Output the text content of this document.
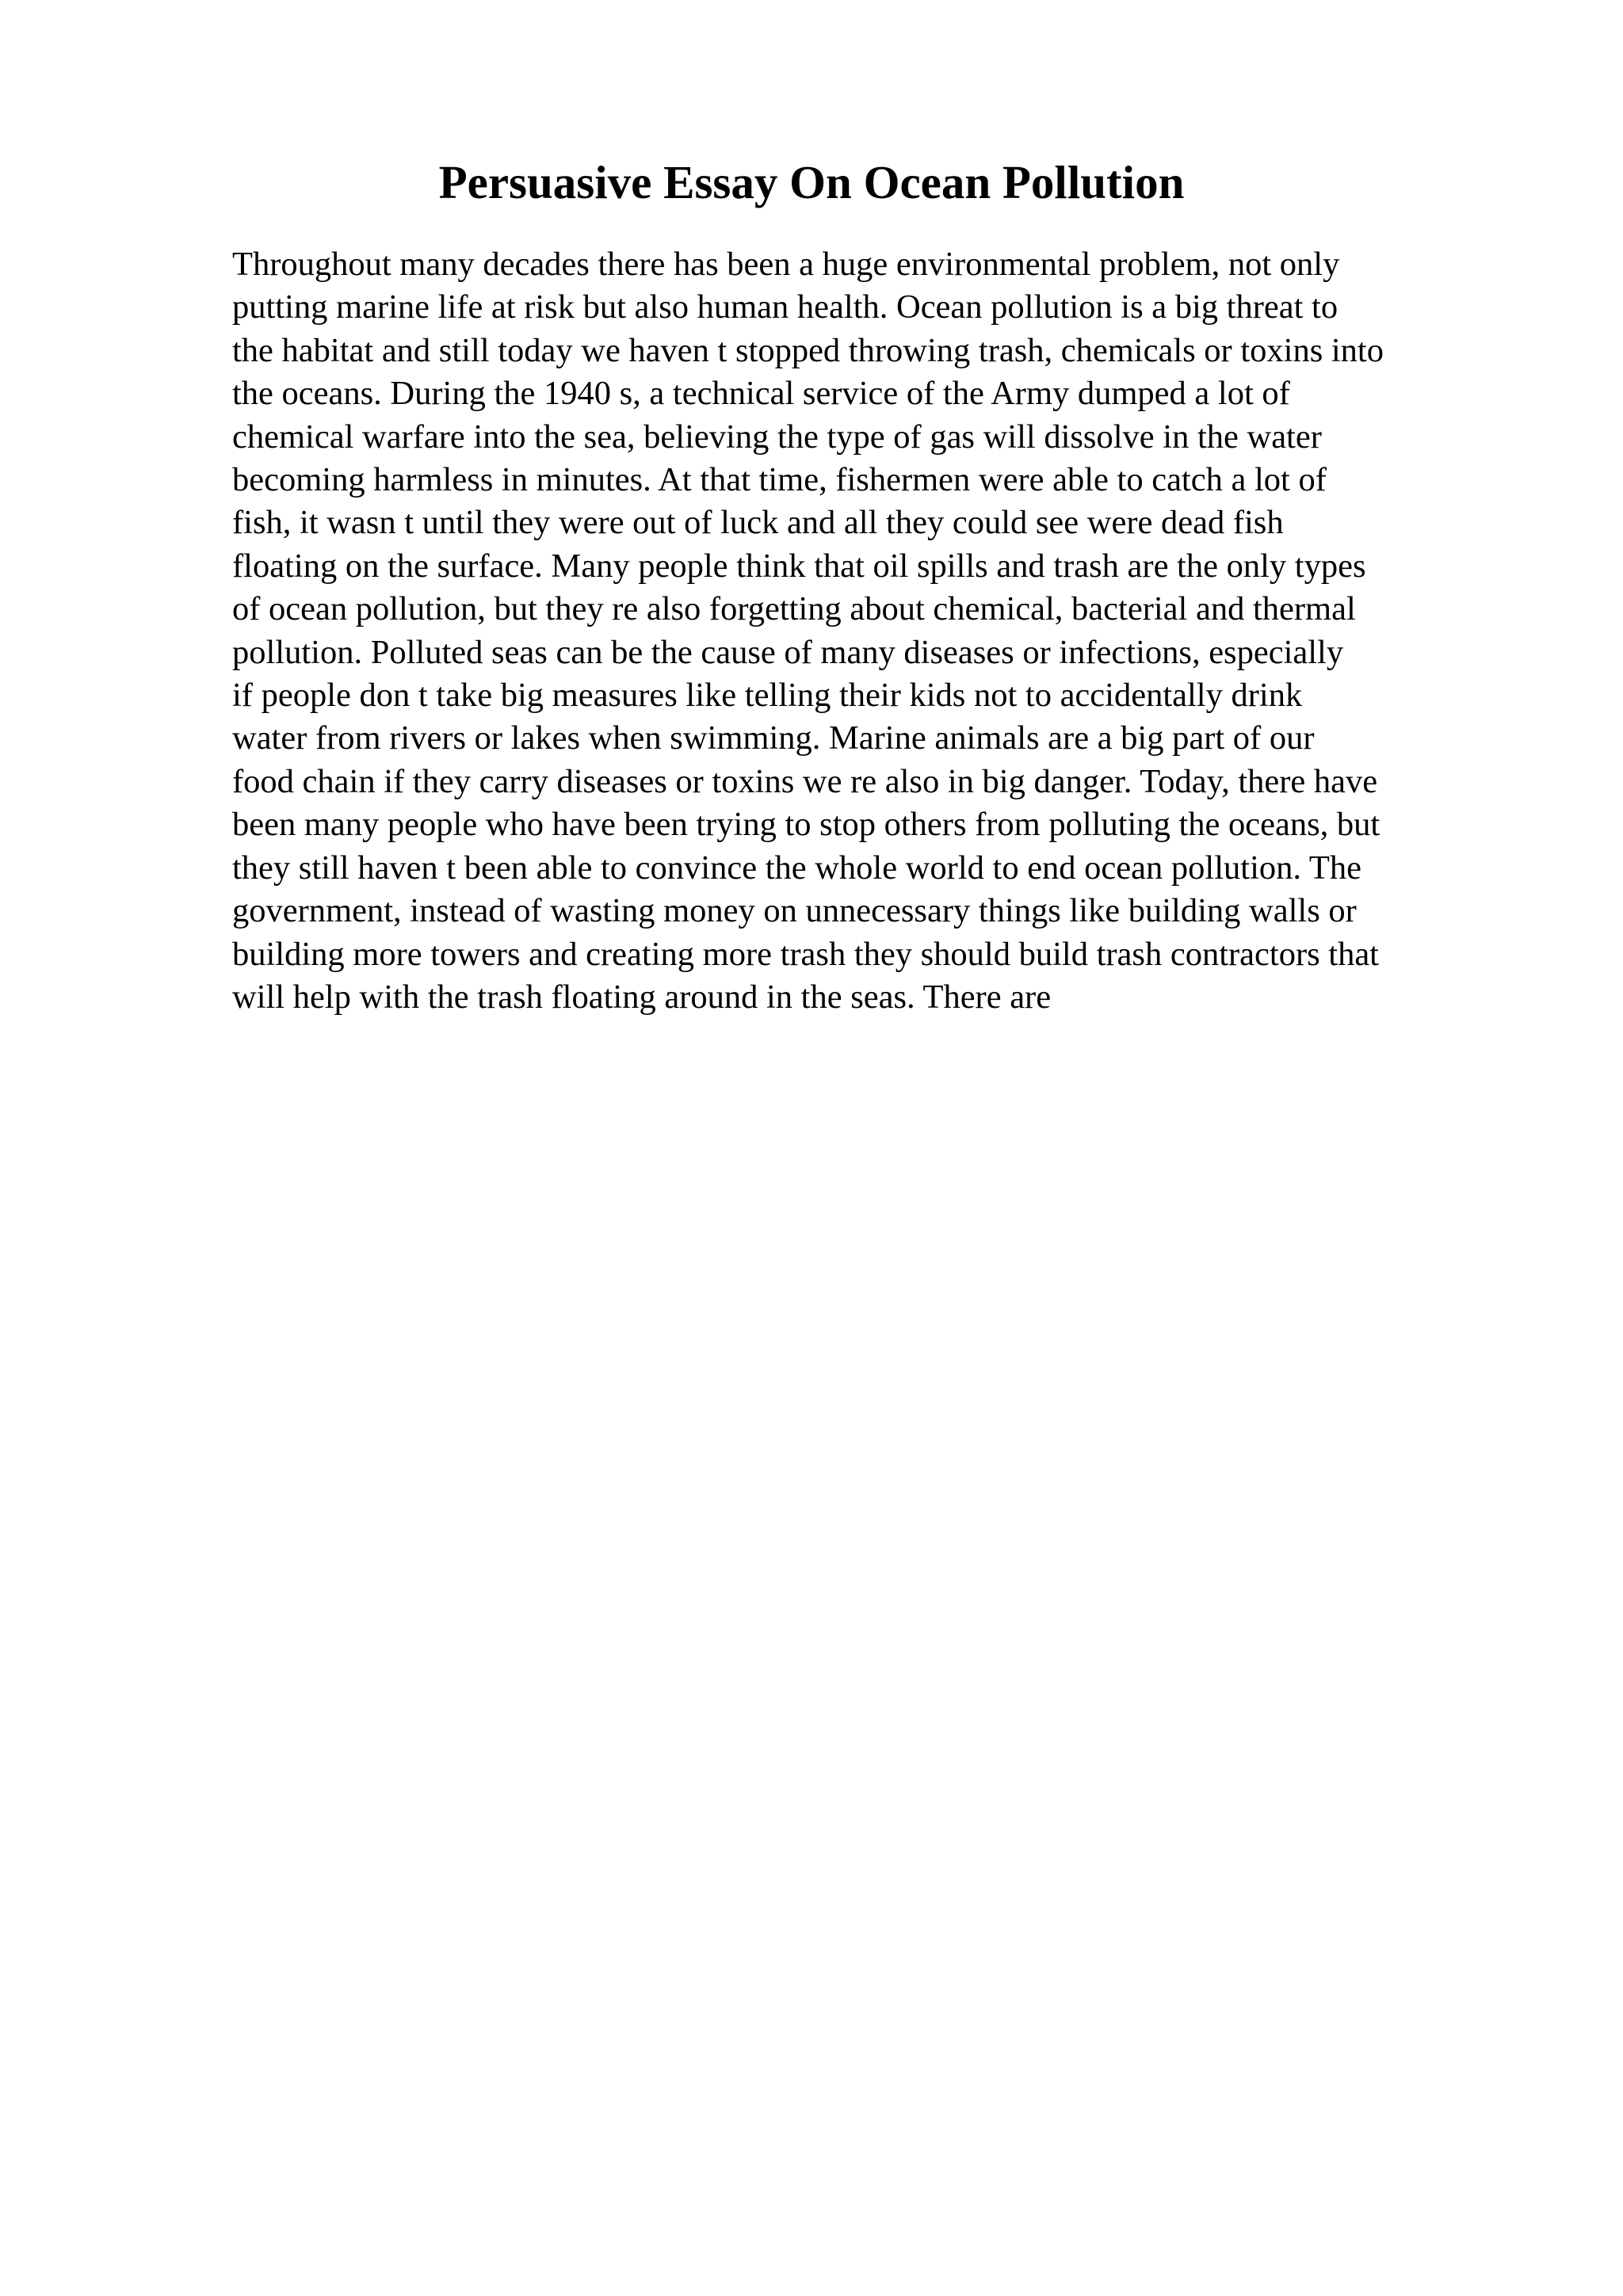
Persuasive Essay On Ocean Pollution
Throughout many decades there has been a huge environmental problem, not only
putting marine life at risk but also human health. Ocean pollution is a big threat to
the habitat and still today we haven t stopped throwing trash, chemicals or toxins into
the oceans. During the 1940 s, a technical service of the Army dumped a lot of
chemical warfare into the sea, believing the type of gas will dissolve in the water
becoming harmless in minutes. At that time, fishermen were able to catch a lot of
fish, it wasn t until they were out of luck and all they could see were dead fish
floating on the surface. Many people think that oil spills and trash are the only types
of ocean pollution, but they re also forgetting about chemical, bacterial and thermal
pollution. Polluted seas can be the cause of many diseases or infections, especially
if people don t take big measures like telling their kids not to accidentally drink
water from rivers or lakes when swimming. Marine animals are a big part of our
food chain if they carry diseases or toxins we re also in big danger. Today, there have
been many people who have been trying to stop others from polluting the oceans, but
they still haven t been able to convince the whole world to end ocean pollution. The
government, instead of wasting money on unnecessary things like building walls or
building more towers and creating more trash they should build trash contractors that
will help with the trash floating around in the seas. There are
